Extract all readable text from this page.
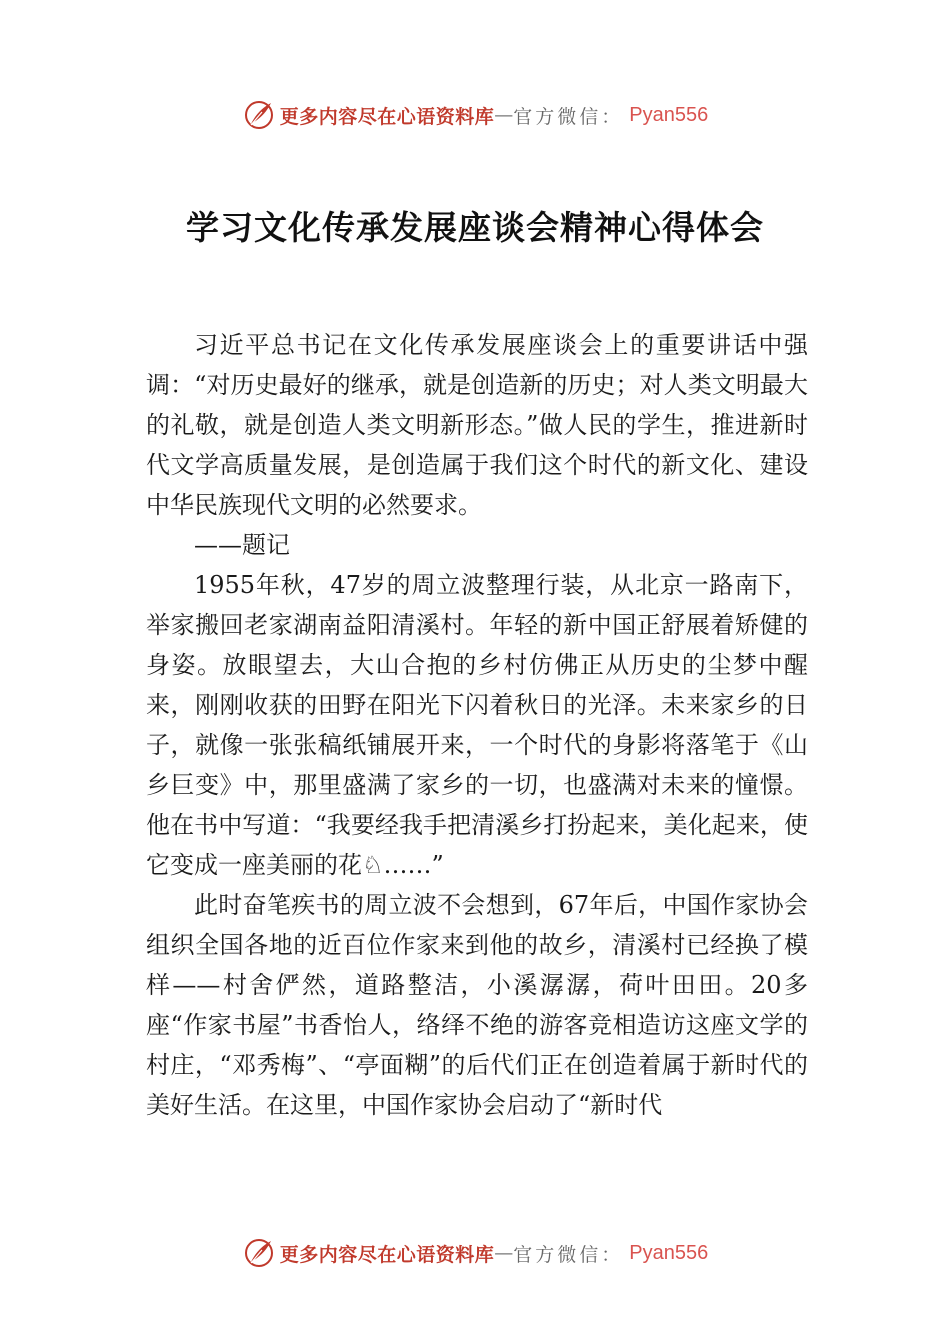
更多内容尽在心语资料库 — 官方微信： Pyan556
学习文化传承发展座谈会精神心得体会

习近平总书记在文化传承发展座谈会上的重要讲话中强调：“对历史最好的继承，就是创造新的历史；对人类文明最大的礼敬，就是创造人类文明新形态。”做人民的学生，推进新时代文学高质量发展，是创造属于我们这个时代的新文化、建设中华民族现代文明的必然要求。

——题记

1955年秋，47岁的周立波整理行装，从北京一路南下，举家搬回老家湖南益阳清溪村。年轻的新中国正舒展着矫健的身姿。放眼望去，大山合抱的乡村仿佛正从历史的尘梦中醒来，刚刚收获的田野在阳光下闪着秋日的光泽。未来家乡的日子，就像一张张稿纸铺展开来，一个时代的身影将落笔于《山乡巨变》中，那里盛满了家乡的一切，也盛满对未来的憧憬。他在书中写道：“我要经我手把清溪乡打扮起来，美化起来，使它变成一座美丽的花♘……”

此时奋笔疾书的周立波不会想到，67年后，中国作家协会组织全国各地的近百位作家来到他的故乡，清溪村已经换了模样——村舍俨然，道路整洁，小溪潺潺，荷叶田田。20多座“作家书屋”书香怡人，络绎不绝的游客竞相造访这座文学的村庄，“邓秀梅”、“亭面糊”的后代们正在创造着属于新时代的美好生活。在这里，中国作家协会启动了“新时代

更多内容尽在心语资料库 — 官方微信： Pyan556
